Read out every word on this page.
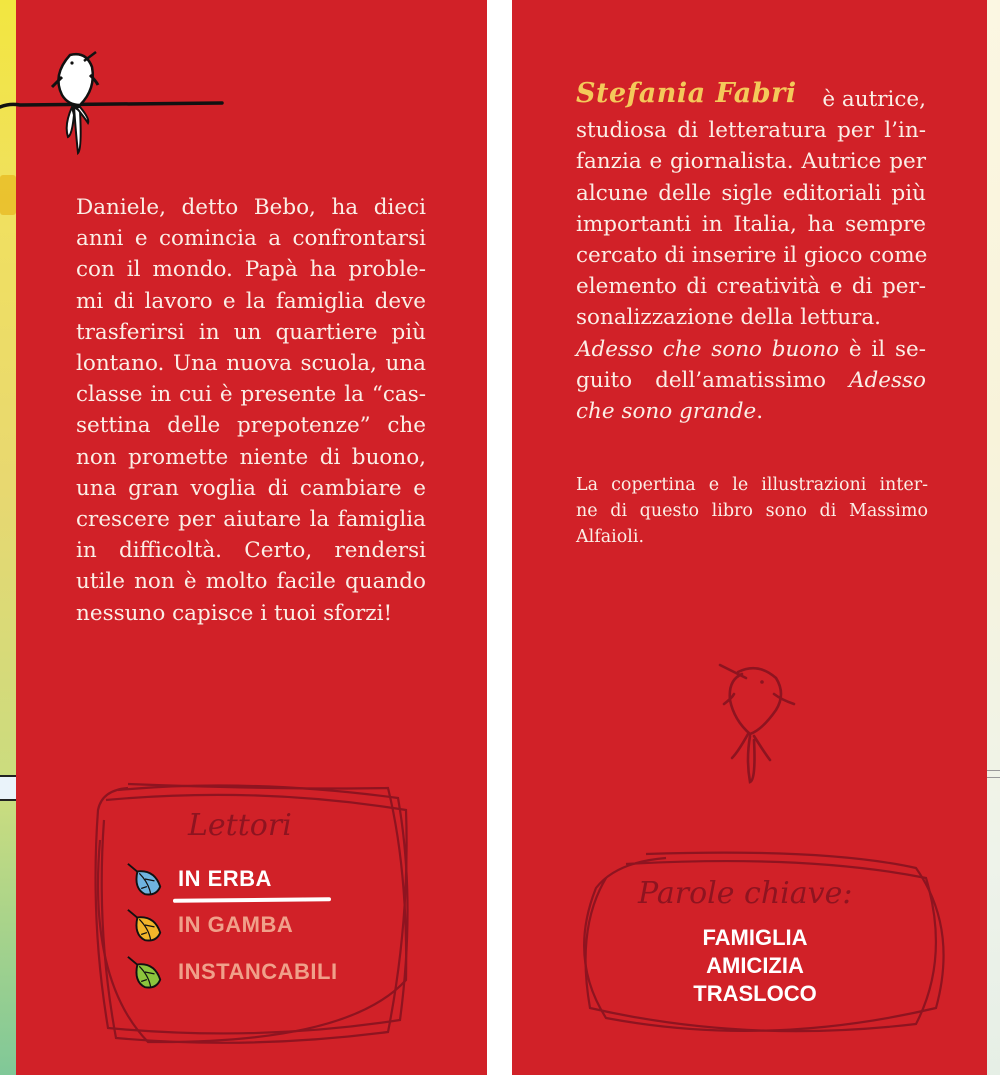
Daniele, detto Bebo, ha dieci
anni e comincia a confrontarsi
con il mondo. Papà ha proble-
mi di lavoro e la famiglia deve
trasferirsi in un quartiere più
lontano. Una nuova scuola, una
classe in cui è presente la “cas-
settina delle prepotenze” che
non promette niente di buono,
una gran voglia di cambiare e
crescere per aiutare la famiglia
in difficoltà. Certo, rendersi
utile non è molto facile quando
nessuno capisce i tuoi sforzi!
Lettori
IN ERBA
IN GAMBA
INSTANCABILI
Stefania Fabri è autrice,
studiosa di letteratura per l’in-
fanzia e giornalista. Autrice per
alcune delle sigle editoriali più
importanti in Italia, ha sempre
cercato di inserire il gioco come
elemento di creatività e di per-
sonalizzazione della lettura.
Adesso che sono buono è il se-
guito dell’amatissimo Adesso
che sono grande.
La copertina e le illustrazioni inter-
ne di questo libro sono di Massimo
Alfaioli.
Parole chiave:
FAMIGLIA
AMICIZIA
TRASLOCO
